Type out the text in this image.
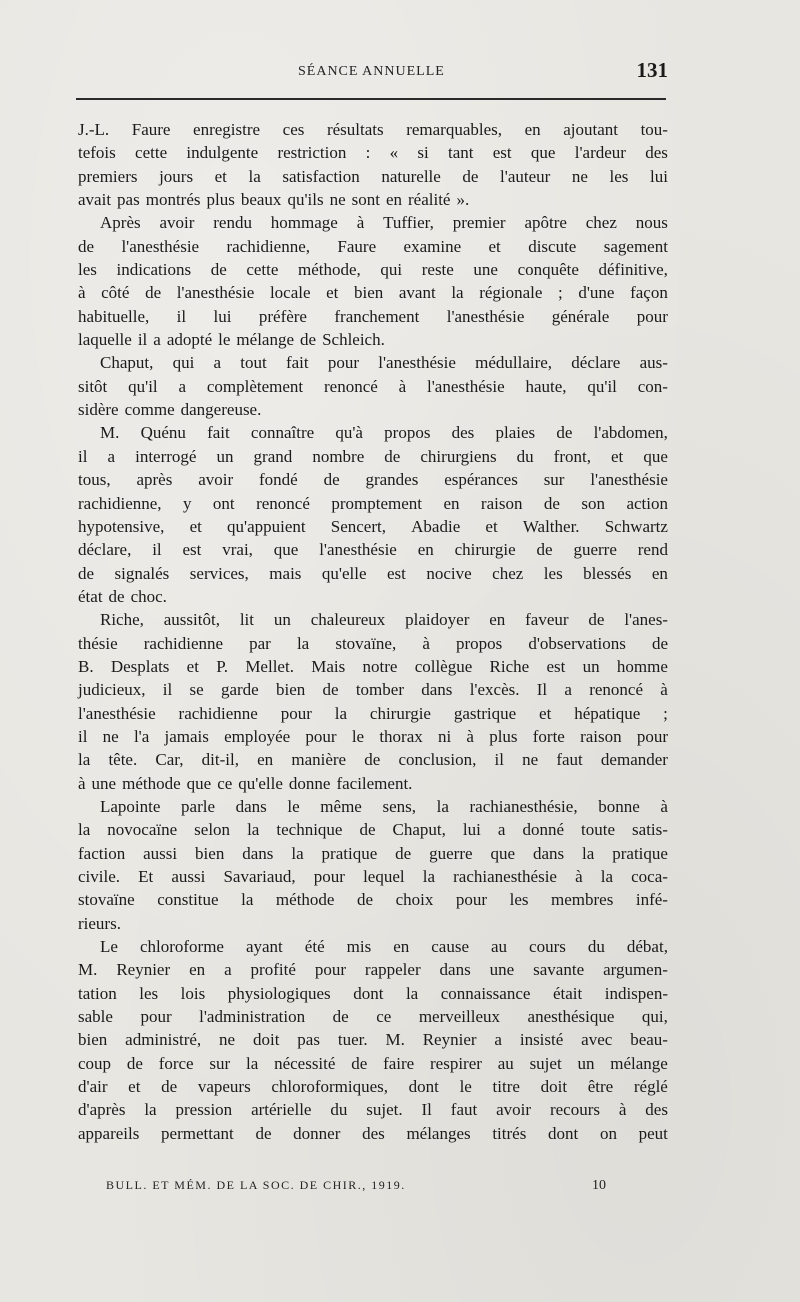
SÉANCE ANNUELLE	131
J.-L. Faure enregistre ces résultats remarquables, en ajoutant tou-
tefois cette indulgente restriction : « si tant est que l'ardeur des
premiers jours et la satisfaction naturelle de l'auteur ne les lui
avait pas montrés plus beaux qu'ils ne sont en réalité ».
Après avoir rendu hommage à Tuffier, premier apôtre chez nous
de l'anesthésie rachidienne, Faure examine et discute sagement
les indications de cette méthode, qui reste une conquête définitive,
à côté de l'anesthésie locale et bien avant la régionale ; d'une façon
habituelle, il lui préfère franchement l'anesthésie générale pour
laquelle il a adopté le mélange de Schleich.
Chaput, qui a tout fait pour l'anesthésie médullaire, déclare aus-
sitôt qu'il a complètement renoncé à l'anesthésie haute, qu'il con-
sidère comme dangereuse.
M. Quénu fait connaître qu'à propos des plaies de l'abdomen,
il a interrogé un grand nombre de chirurgiens du front, et que
tous, après avoir fondé de grandes espérances sur l'anesthésie
rachidienne, y ont renoncé promptement en raison de son action
hypotensive, et qu'appuient Sencert, Abadie et Walther. Schwartz
déclare, il est vrai, que l'anesthésie en chirurgie de guerre rend
de signalés services, mais qu'elle est nocive chez les blessés en
état de choc.
Riche, aussitôt, lit un chaleureux plaidoyer en faveur de l'anes-
thésie rachidienne par la stovaïne, à propos d'observations de
B. Desplats et P. Mellet. Mais notre collègue Riche est un homme
judicieux, il se garde bien de tomber dans l'excès. Il a renoncé à
l'anesthésie rachidienne pour la chirurgie gastrique et hépatique ;
il ne l'a jamais employée pour le thorax ni à plus forte raison pour
la tête. Car, dit-il, en manière de conclusion, il ne faut demander
à une méthode que ce qu'elle donne facilement.
Lapointe parle dans le même sens, la rachianesthésie, bonne à
la novocaïne selon la technique de Chaput, lui a donné toute satis-
faction aussi bien dans la pratique de guerre que dans la pratique
civile. Et aussi Savariaud, pour lequel la rachianesthésie à la coca-
stovaïne constitue la méthode de choix pour les membres infé-
rieurs.
Le chloroforme ayant été mis en cause au cours du débat,
M. Reynier en a profité pour rappeler dans une savante argumen-
tation les lois physiologiques dont la connaissance était indispen-
sable pour l'administration de ce merveilleux anesthésique qui,
bien administré, ne doit pas tuer. M. Reynier a insisté avec beau-
coup de force sur la nécessité de faire respirer au sujet un mélange
d'air et de vapeurs chloroformiques, dont le titre doit être réglé
d'après la pression artérielle du sujet. Il faut avoir recours à des
appareils permettant de donner des mélanges titrés dont on peut
BULL. ET MÉM. DE LA SOC. DE CHIR., 1919.	10
